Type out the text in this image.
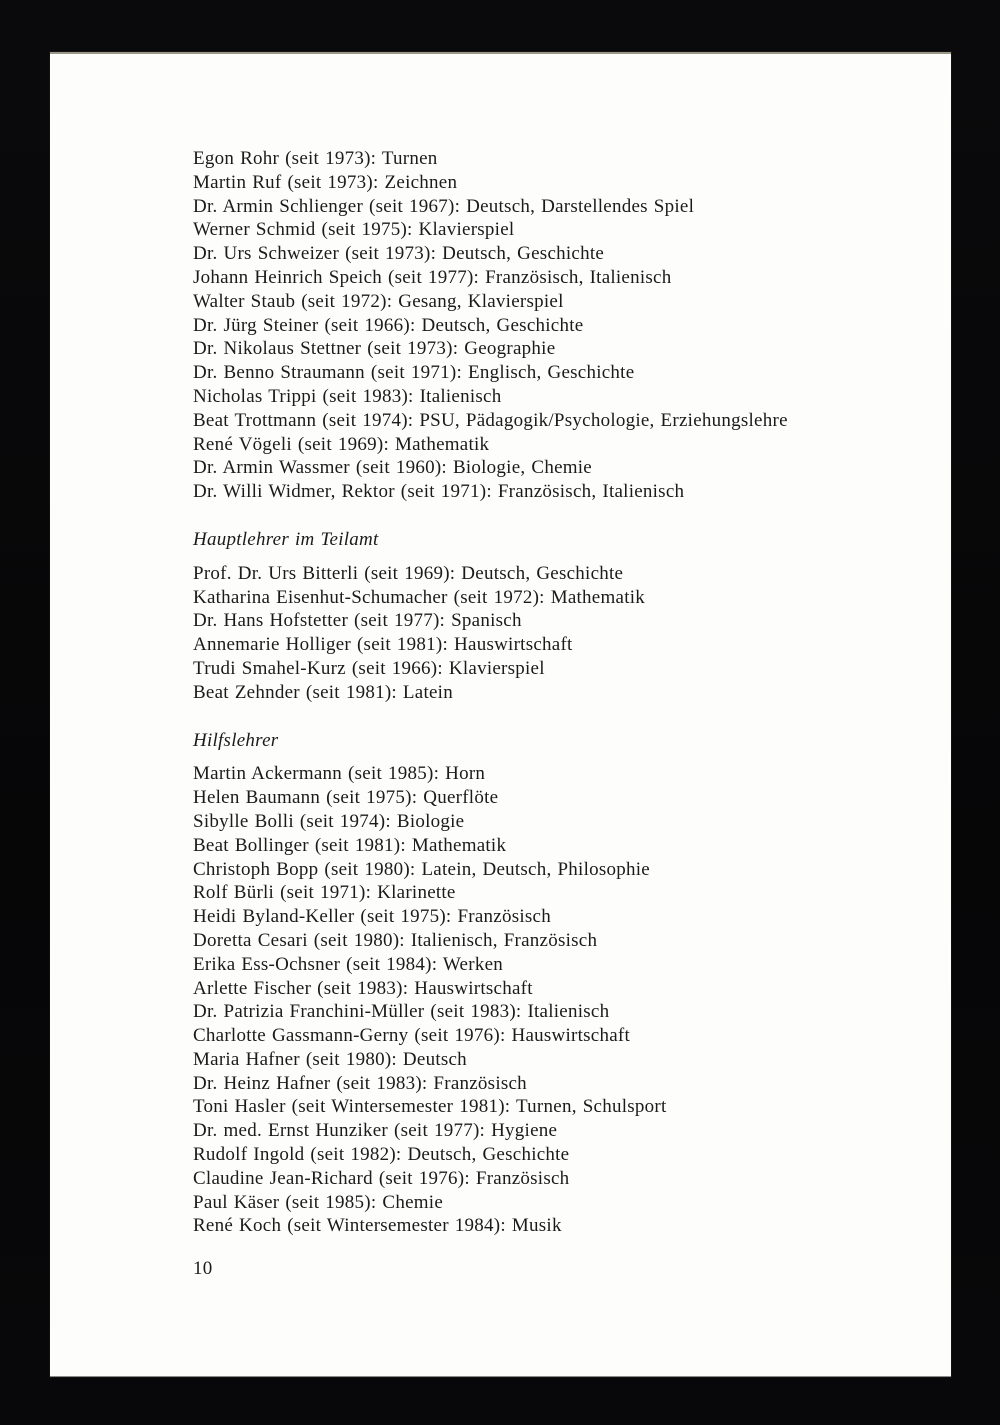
Egon Rohr (seit 1973): Turnen
Martin Ruf (seit 1973): Zeichnen
Dr. Armin Schlienger (seit 1967): Deutsch, Darstellendes Spiel
Werner Schmid (seit 1975): Klavierspiel
Dr. Urs Schweizer (seit 1973): Deutsch, Geschichte
Johann Heinrich Speich (seit 1977): Französisch, Italienisch
Walter Staub (seit 1972): Gesang, Klavierspiel
Dr. Jürg Steiner (seit 1966): Deutsch, Geschichte
Dr. Nikolaus Stettner (seit 1973): Geographie
Dr. Benno Straumann (seit 1971): Englisch, Geschichte
Nicholas Trippi (seit 1983): Italienisch
Beat Trottmann (seit 1974): PSU, Pädagogik/Psychologie, Erziehungslehre
René Vögeli (seit 1969): Mathematik
Dr. Armin Wassmer (seit 1960): Biologie, Chemie
Dr. Willi Widmer, Rektor (seit 1971): Französisch, Italienisch
Hauptlehrer im Teilamt
Prof. Dr. Urs Bitterli (seit 1969): Deutsch, Geschichte
Katharina Eisenhut-Schumacher (seit 1972): Mathematik
Dr. Hans Hofstetter (seit 1977): Spanisch
Annemarie Holliger (seit 1981): Hauswirtschaft
Trudi Smahel-Kurz (seit 1966): Klavierspiel
Beat Zehnder (seit 1981): Latein
Hilfslehrer
Martin Ackermann (seit 1985): Horn
Helen Baumann (seit 1975): Querflöte
Sibylle Bolli (seit 1974): Biologie
Beat Bollinger (seit 1981): Mathematik
Christoph Bopp (seit 1980): Latein, Deutsch, Philosophie
Rolf Bürli (seit 1971): Klarinette
Heidi Byland-Keller (seit 1975): Französisch
Doretta Cesari (seit 1980): Italienisch, Französisch
Erika Ess-Ochsner (seit 1984): Werken
Arlette Fischer (seit 1983): Hauswirtschaft
Dr. Patrizia Franchini-Müller (seit 1983): Italienisch
Charlotte Gassmann-Gerny (seit 1976): Hauswirtschaft
Maria Hafner (seit 1980): Deutsch
Dr. Heinz Hafner (seit 1983): Französisch
Toni Hasler (seit Wintersemester 1981): Turnen, Schulsport
Dr. med. Ernst Hunziker (seit 1977): Hygiene
Rudolf Ingold (seit 1982): Deutsch, Geschichte
Claudine Jean-Richard (seit 1976): Französisch
Paul Käser (seit 1985): Chemie
René Koch (seit Wintersemester 1984): Musik
10
